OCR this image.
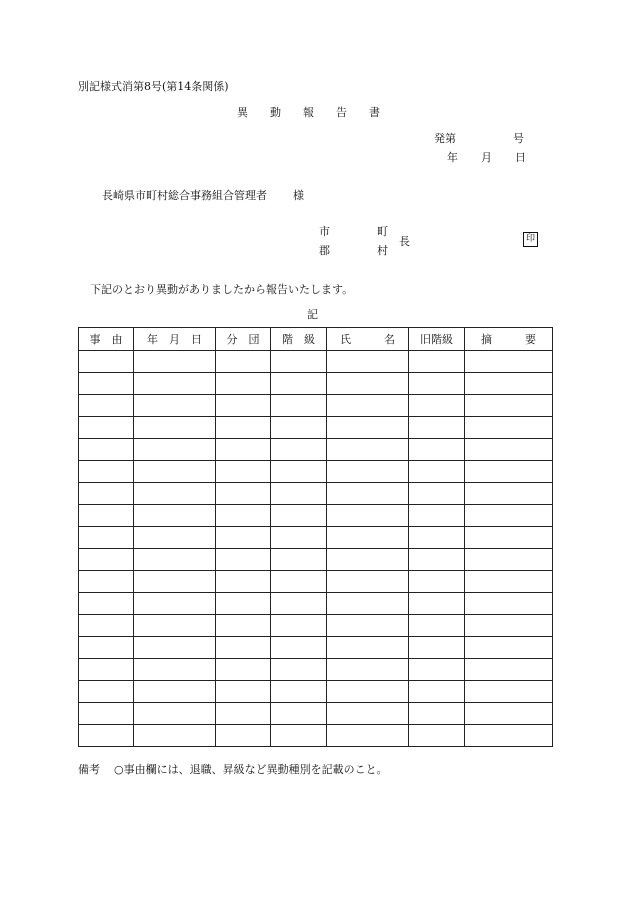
別記様式消第8号(第14条関係)
異 動 報 告 書
発第	号
年 月 日
長崎県市町村総合事務組合管理者 様
市
郡
町
村
長	印
下記のとおり異動がありましたから報告いたします。
記
事　由	年　月　日	分　団	階　級	氏　　　名	旧階級	摘　　　要

備考 ○事由欄には、退職、昇級など異動種別を記載のこと。
